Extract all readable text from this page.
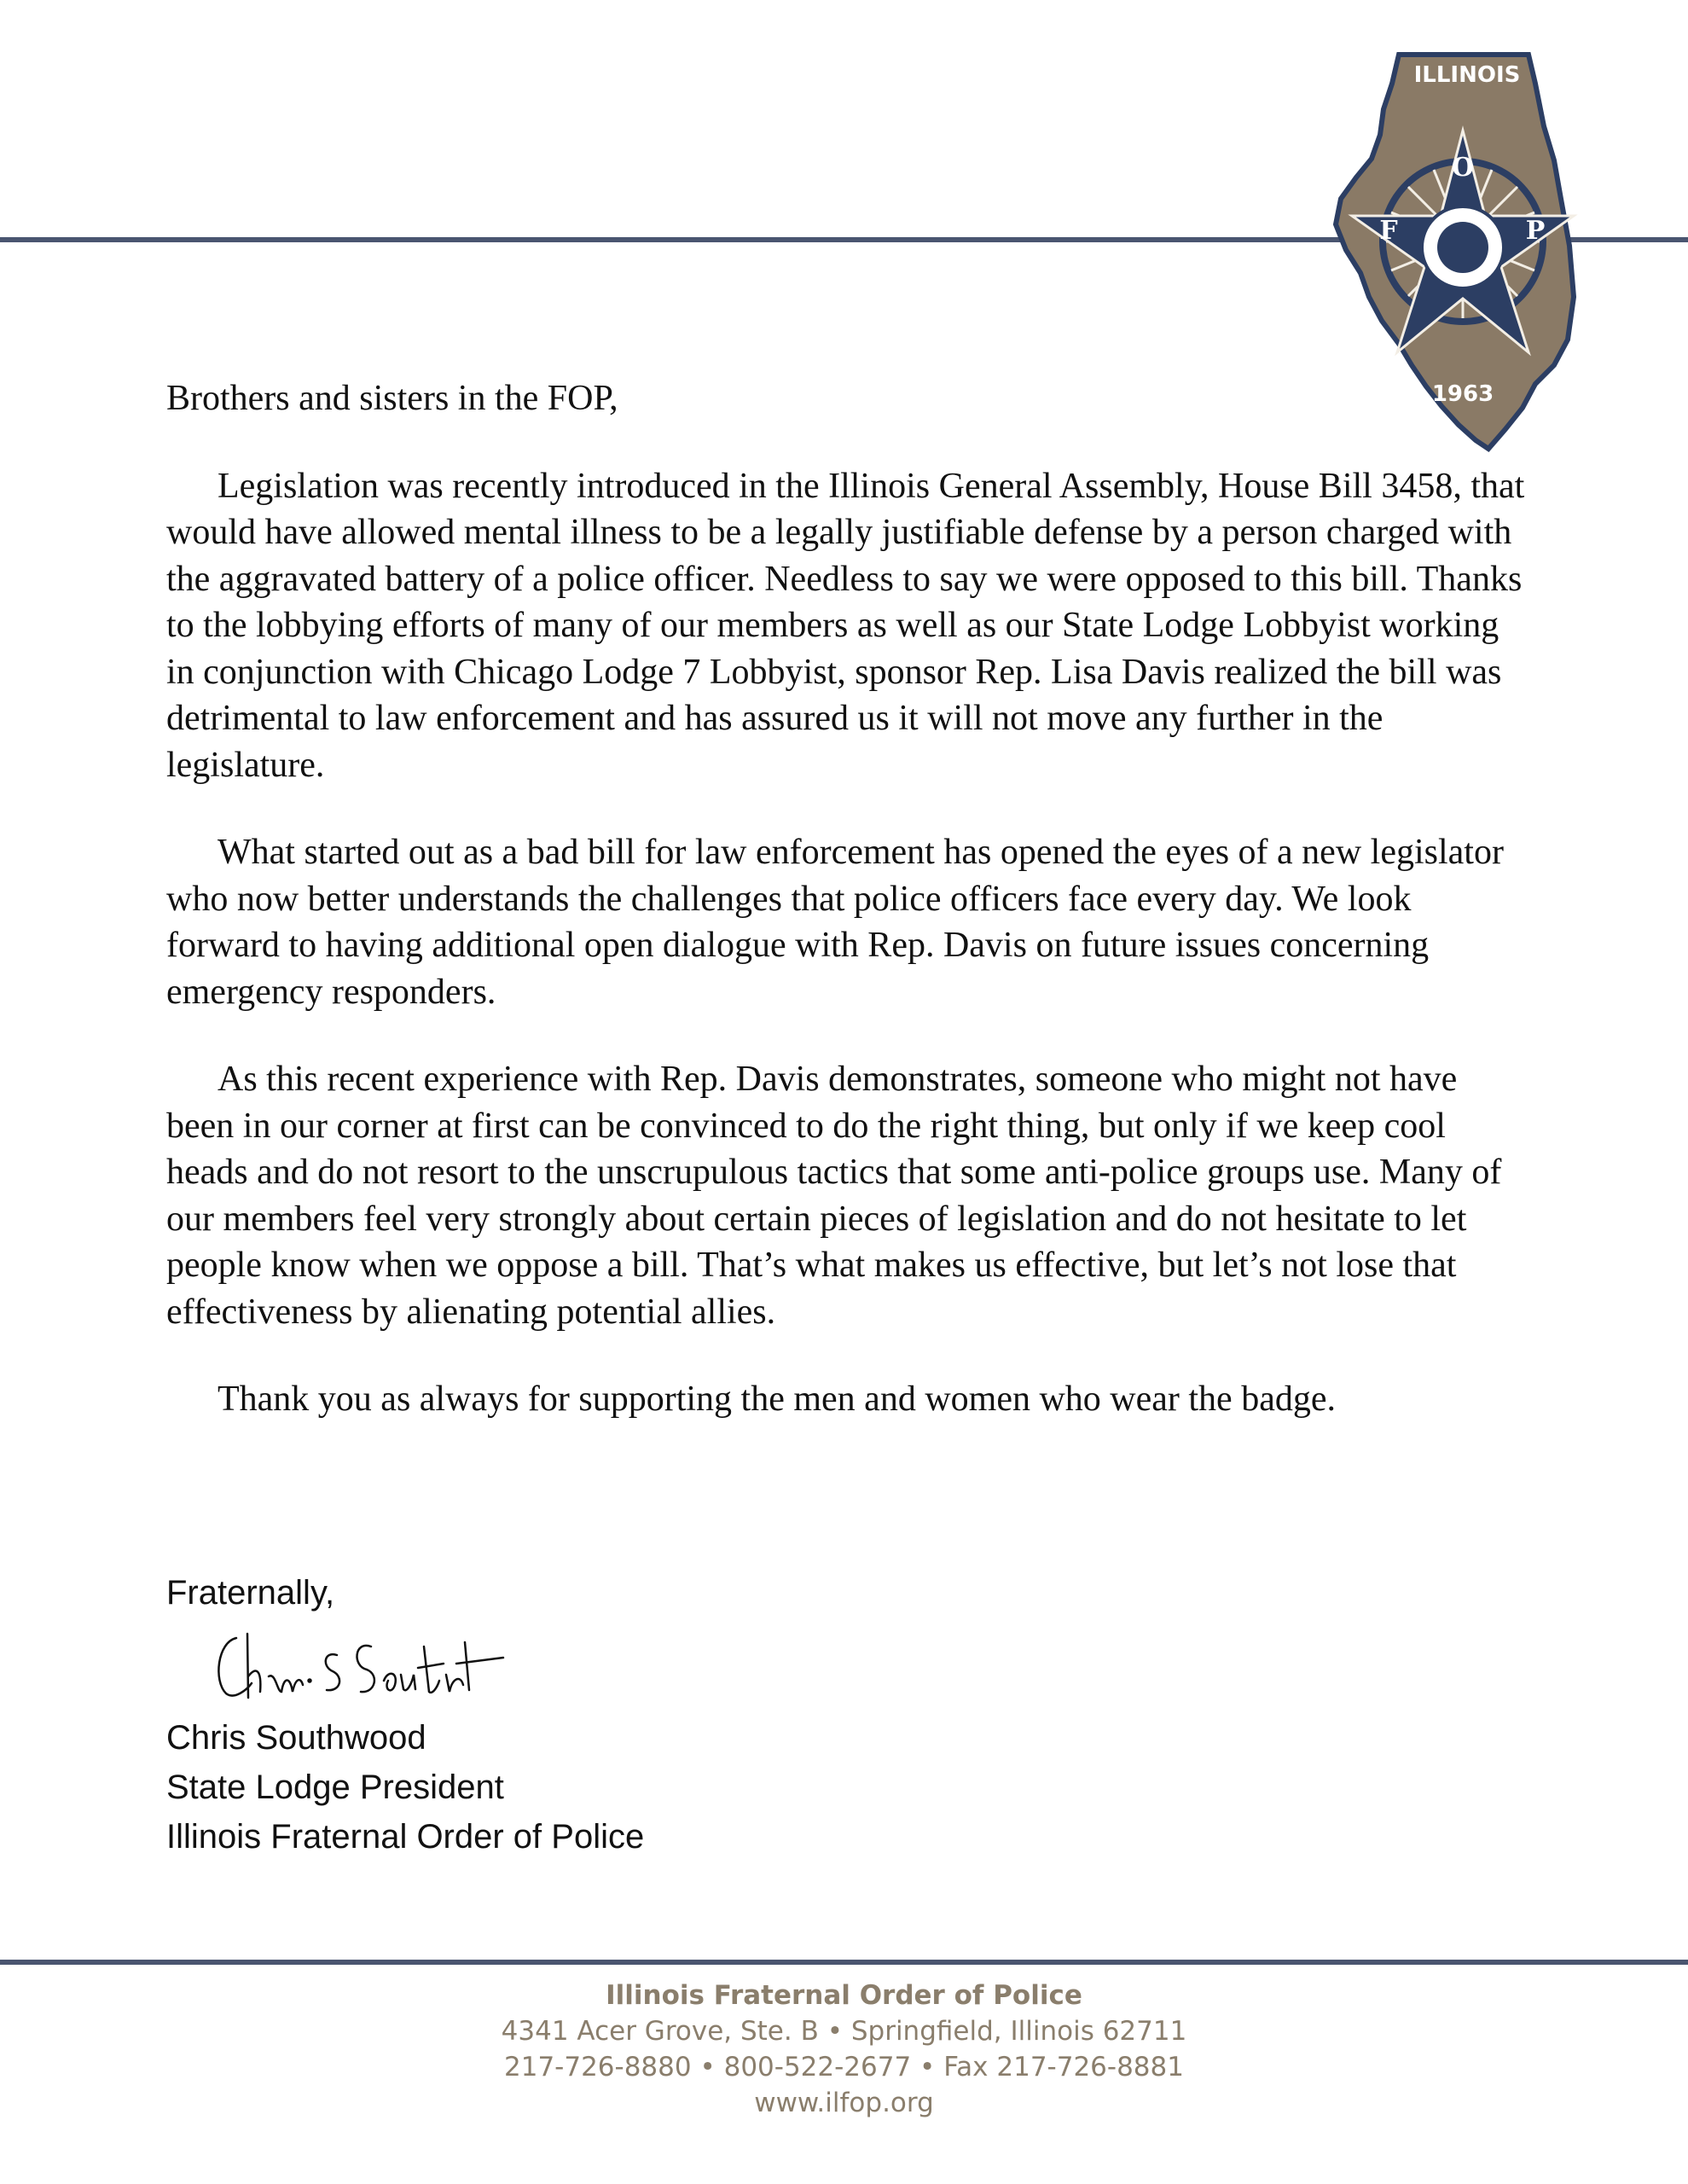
ILLINOIS
O
F	P
1963

Brothers and sisters in the FOP,

Legislation was recently introduced in the Illinois General Assembly, House Bill 3458, that would have allowed mental illness to be a legally justifiable defense by a person charged with the aggravated battery of a police officer. Needless to say we were opposed to this bill. Thanks to the lobbying efforts of many of our members as well as our State Lodge Lobbyist working in conjunction with Chicago Lodge 7 Lobbyist, sponsor Rep. Lisa Davis realized the bill was detrimental to law enforcement and has assured us it will not move any further in the legislature.

What started out as a bad bill for law enforcement has opened the eyes of a new legislator who now better understands the challenges that police officers face every day. We look forward to having additional open dialogue with Rep. Davis on future issues concerning emergency responders.

As this recent experience with Rep. Davis demonstrates, someone who might not have been in our corner at first can be convinced to do the right thing, but only if we keep cool heads and do not resort to the unscrupulous tactics that some anti-police groups use. Many of our members feel very strongly about certain pieces of legislation and do not hesitate to let people know when we oppose a bill. That’s what makes us effective, but let’s not lose that effectiveness by alienating potential allies.

Thank you as always for supporting the men and women who wear the badge.

Fraternally,
Chris S Southwood
Chris Southwood
State Lodge President
Illinois Fraternal Order of Police
Illinois Fraternal Order of Police
4341 Acer Grove, Ste. B • Springfield, Illinois 62711
217-726-8880 • 800-522-2677 • Fax 217-726-8881
www.ilfop.org
